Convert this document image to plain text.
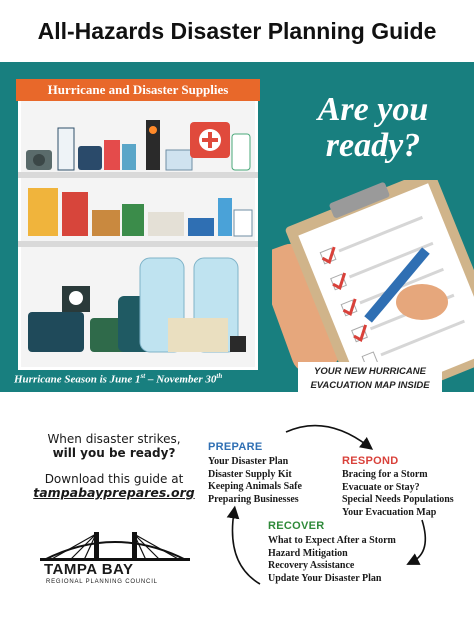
All-Hazards Disaster Planning Guide
Hurricane and Disaster Supplies
Are you
ready?
Hurricane Season is June 1st – November 30th	YOUR NEW HURRICANE
EVACUATION MAP INSIDE
When disaster strikes,
will you be ready?
Download this guide at
tampabayprepares.org
TAMPA BAY
REGIONAL PLANNING COUNCIL
PREPARE
Your Disaster Plan
Disaster Supply Kit
Keeping Animals Safe
Preparing Businesses
RESPOND
Bracing for a Storm
Evacuate or Stay?
Special Needs Populations
Your Evacuation Map
RECOVER
What to Expect After a Storm
Hazard Mitigation
Recovery Assistance
Update Your Disaster Plan
